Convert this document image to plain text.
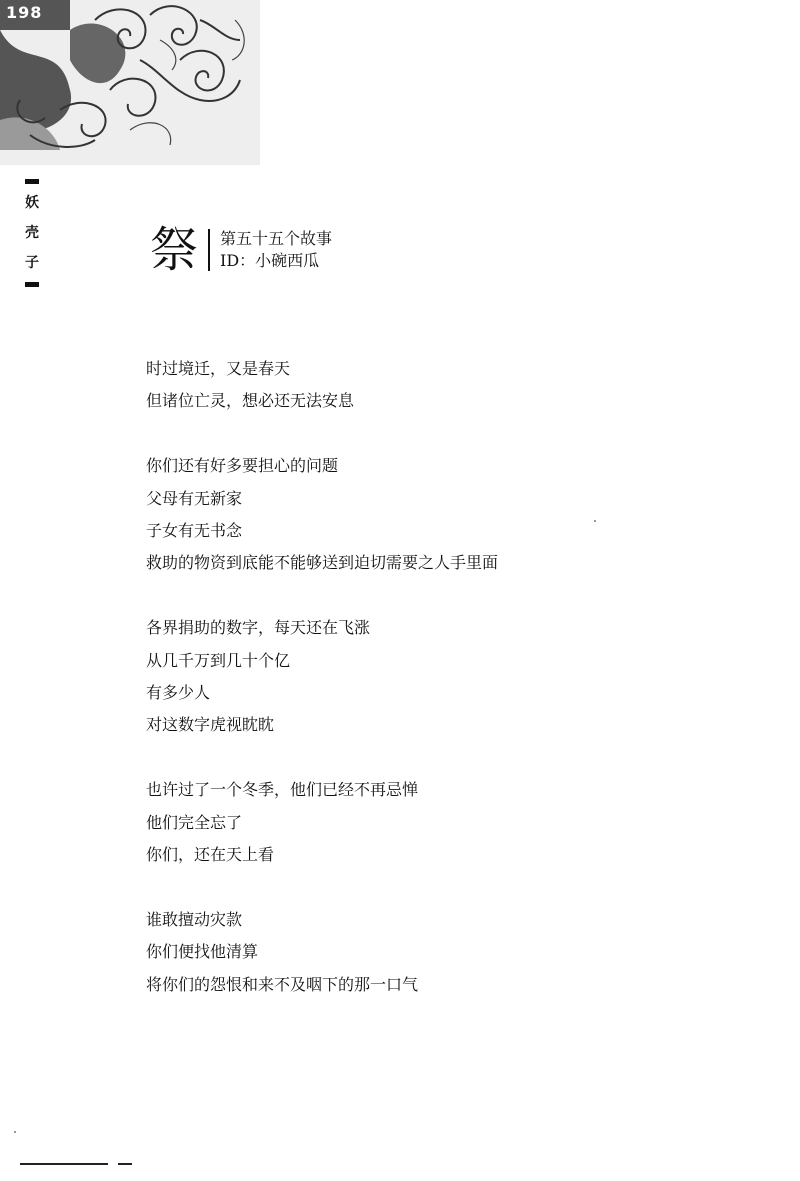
198
妖
壳
子 祭 第五十五个故事
ID：小碗西瓜
时过境迁，又是春天
但诸位亡灵，想必还无法安息
你们还有好多要担心的问题
父母有无新家
子女有无书念
救助的物资到底能不能够送到迫切需要之人手里面
各界捐助的数字，每天还在飞涨
从几千万到几十个亿
有多少人
对这数字虎视眈眈
也许过了一个冬季，他们已经不再忌惮
他们完全忘了
你们，还在天上看
谁敢擅动灾款
你们便找他清算
将你们的怨恨和来不及咽下的那一口气
